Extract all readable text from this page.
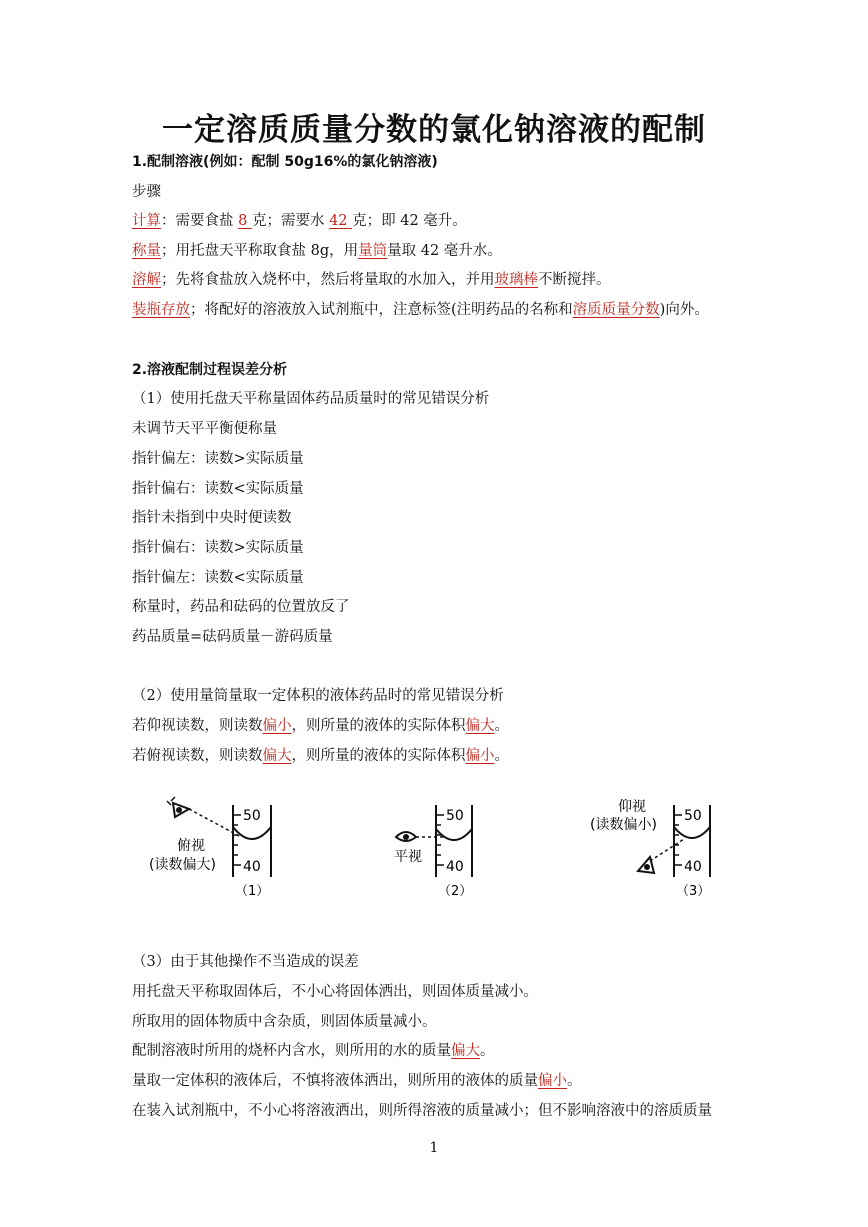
一定溶质质量分数的氯化钠溶液的配制
1.配制溶液(例如：配制 50g16%的氯化钠溶液)
步骤
计算：需要食盐 8 克；需要水 42 克；即 42 毫升。
称量；用托盘天平称取食盐 8g，用量筒量取 42 毫升水。
溶解；先将食盐放入烧杯中，然后将量取的水加入，并用玻璃棒不断搅拌。
装瓶存放；将配好的溶液放入试剂瓶中，注意标签(注明药品的名称和溶质质量分数)向外。
2.溶液配制过程误差分析
（1）使用托盘天平称量固体药品质量时的常见错误分析
未调节天平平衡便称量
指针偏左：读数>实际质量
指针偏右：读数<实际质量
指针未指到中央时便读数
指针偏右：读数>实际质量
指针偏左：读数<实际质量
称量时，药品和砝码的位置放反了
药品质量=砝码质量－游码质量
（2）使用量筒量取一定体积的液体药品时的常见错误分析
若仰视读数，则读数偏小，则所量的液体的实际体积偏大。
若俯视读数，则读数偏大，则所量的液体的实际体积偏小。
50
40
俯视
(读数偏大)
（1）
50
40
平视
（2）
50
40
仰视
(读数偏小)
（3）
（3）由于其他操作不当造成的误差
用托盘天平称取固体后，不小心将固体洒出，则固体质量减小。
所取用的固体物质中含杂质，则固体质量减小。
配制溶液时所用的烧杯内含水，则所用的水的质量偏大。
量取一定体积的液体后，不慎将液体洒出，则所用的液体的质量偏小。
在装入试剂瓶中，不小心将溶液洒出，则所得溶液的质量减小；但不影响溶液中的溶质质量
1
